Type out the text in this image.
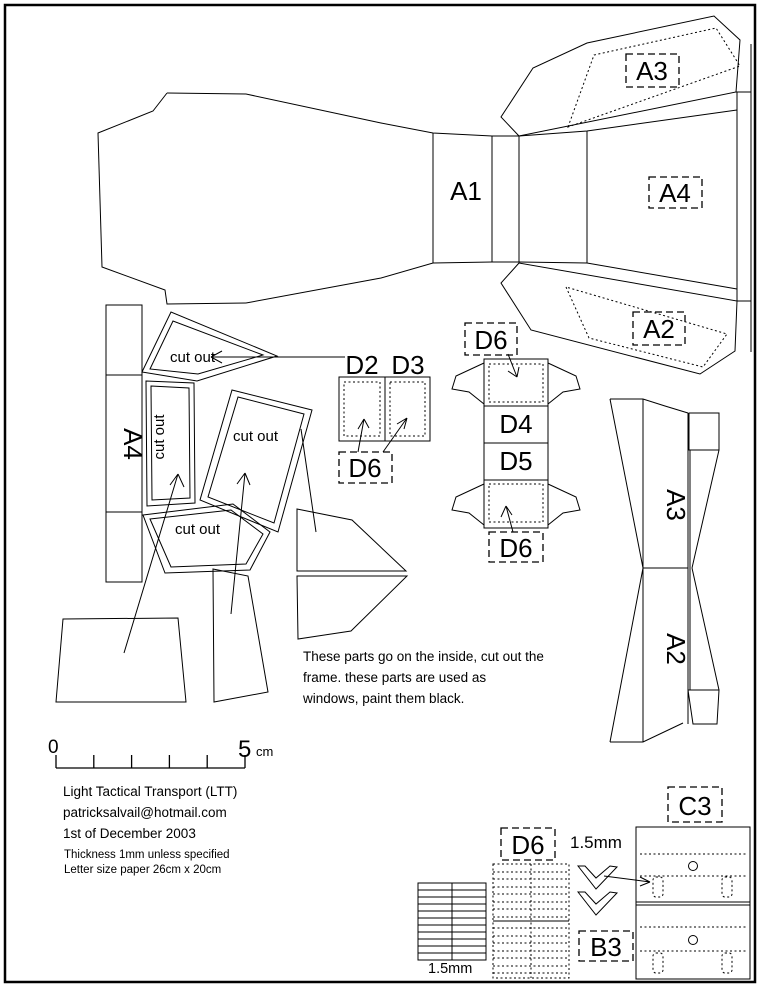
A1
A3
A4
A2
A4
cut out
cut out	cut out
cut out
D2 D3
D6
D6
D4
D5
D6
A3
A2
These parts go on the inside, cut out the
frame. these parts are used as
windows, paint them black.
0	5 cm
Light Tactical Transport (LTT)
patricksalvail@hotmail.com
1st of December 2003
Thickness 1mm unless specified
Letter size paper 26cm x 20cm
1.5mm
D6 1.5mm
B3
C3
